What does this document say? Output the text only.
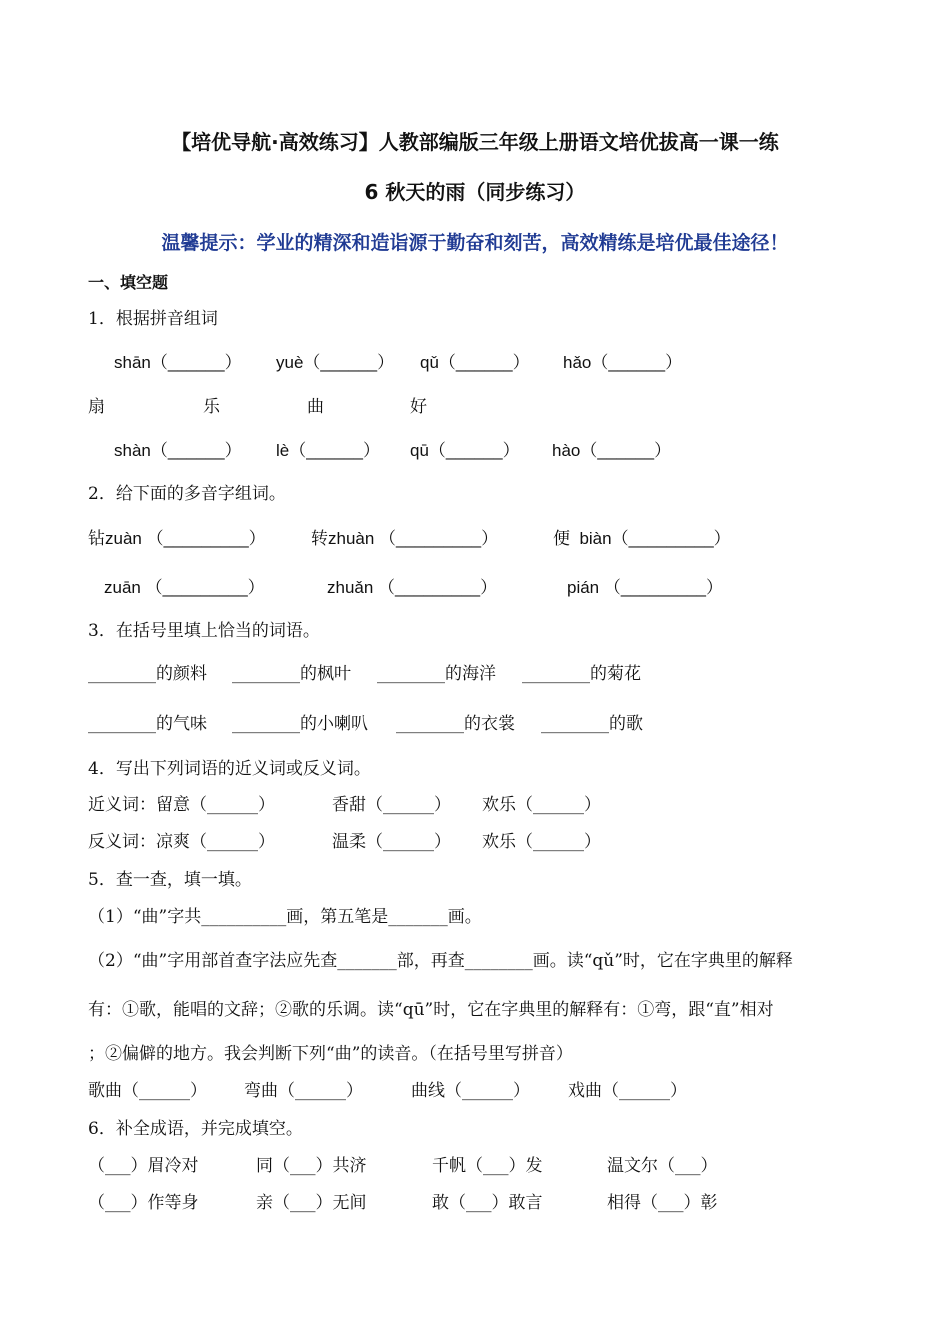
【培优导航·高效练习】人教部编版三年级上册语文培优拔高一课一练
6 秋天的雨（同步练习）
温馨提示：学业的精深和造诣源于勤奋和刻苦，高效精练是培优最佳途径！
一、填空题
1．根据拼音组词
shān（______） yuè（______） qǔ（______） hǎo（______）
扇	乐	曲	好
shàn（______） lè（______） qū（______） hào（______）
2．给下面的多音字组词。
钻zuàn （_________）	转zhuàn （_________）	便  biàn（_________）
zuān （_________）	zhuǎn （_________）	pián （_________）
3．在括号里填上恰当的词语。
________的颜料 ________的枫叶 ________的海洋 ________的菊花
________的气味 ________的小喇叭 ________的衣裳 ________的歌
4．写出下列词语的近义词或反义词。
近义词：留意（______）	香甜（______） 欢乐（______）
反义词：凉爽（______）	温柔（______） 欢乐（______）
5．查一查，填一填。
（1）“曲”字共__________画，第五笔是_______画。
（2）“曲”字用部首查字法应先查_______部，再查________画。读“qǔ”时，它在字典里的解释
有：①歌，能唱的文辞；②歌的乐调。读“qū”时，它在字典里的解释有：①弯，跟“直”相对
；②偏僻的地方。我会判断下列“曲”的读音。（在括号里写拼音）
歌曲（______） 弯曲（______）	曲线（______） 戏曲（______）
6．补全成语，并完成填空。
（___）眉冷对	同（___）共济	千帆（___）发	温文尔（___）
（___）作等身	亲（___）无间	敢（___）敢言	相得（___）彰
